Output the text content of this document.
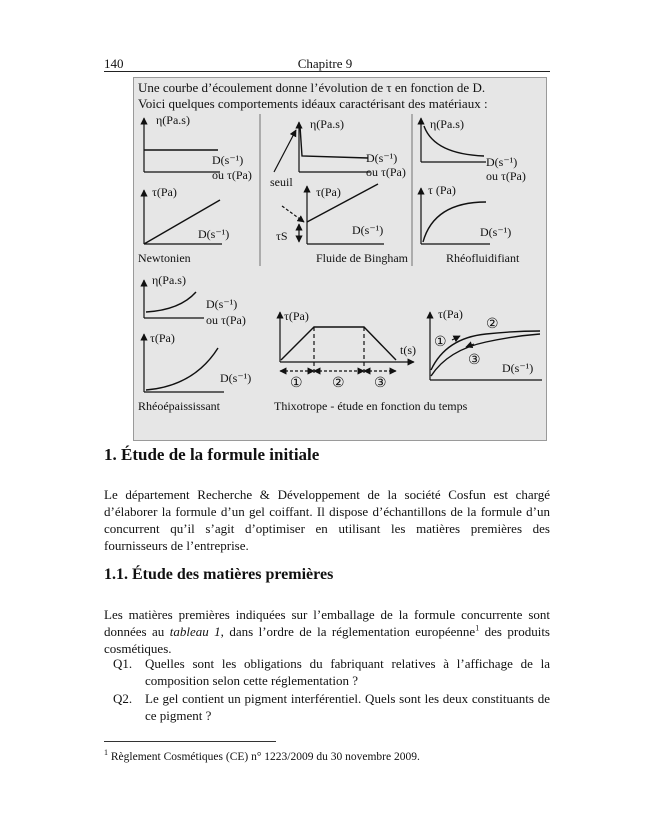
140	Chapitre 9
η(Pa.s)
D(s⁻¹)
ou τ(Pa)
τ(Pa)
D(s⁻¹)
η(Pa.s)
D(s⁻¹)
ou τ(Pa)
seuil
τ(Pa)
τS	D(s⁻¹)
η(Pa.s)
D(s⁻¹)
ou τ(Pa)
τ (Pa)
D(s⁻¹)
Newtonien	Fluide de Bingham	Rhéofluidifiant
η(Pa.s)
D(s⁻¹)
ou τ(Pa)
τ(Pa)
D(s⁻¹)
τ(Pa)
t(s)
① ② ③
τ(Pa)
①
②
③ D(s⁻¹)
Rhéoépaississant	Thixotrope - étude en fonction du temps
Une courbe d’écoulement donne l’évolution de τ en fonction de D.
Voici quelques comportements idéaux caractérisant des matériaux :
1. Étude de la formule initiale

Le département Recherche & Développement de la société Cosfun est chargé d’élaborer la formule d’un gel coiffant. Il dispose d’échantillons de la formule d’un concurrent qu’il s’agit d’optimiser en utilisant les matières premières des fournisseurs de l’entreprise.

1.1. Étude des matières premières

Les matières premières indiquées sur l’emballage de la formule concurrente sont données au tableau 1, dans l’ordre de la réglementation européenne$^1$ des produits cosmétiques.

Q1. Quelles sont les obligations du fabriquant relatives à l’affichage de la composition selon cette réglementation ?
Q2. Le gel contient un pigment interférentiel. Quels sont les deux constituants de ce pigment ?
$^1$ Règlement Cosmétiques (CE) n° 1223/2009 du 30 novembre 2009.
